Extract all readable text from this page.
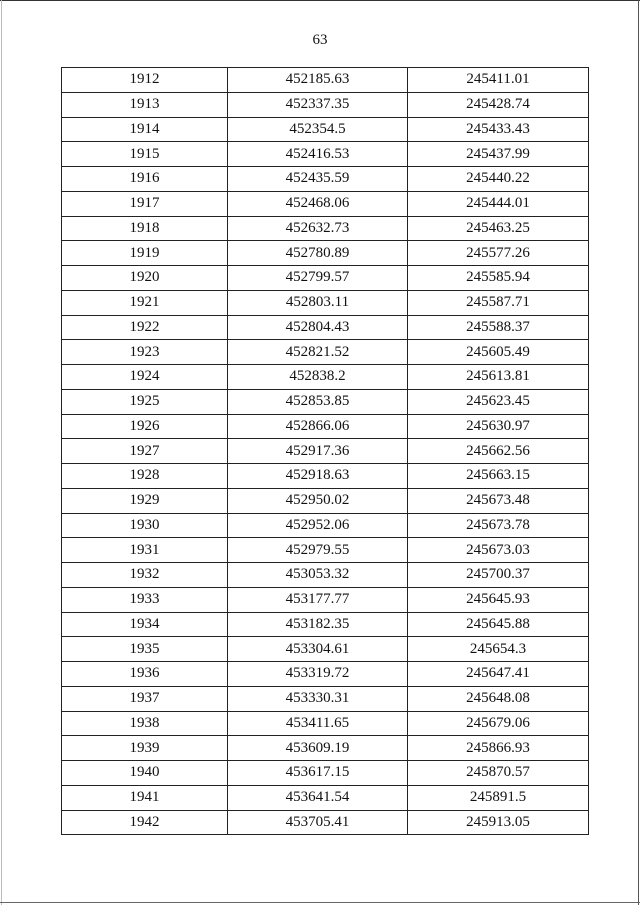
63
1912	452185.63	245411.01
1913	452337.35	245428.74
1914	452354.5	245433.43
1915	452416.53	245437.99
1916	452435.59	245440.22
1917	452468.06	245444.01
1918	452632.73	245463.25
1919	452780.89	245577.26
1920	452799.57	245585.94
1921	452803.11	245587.71
1922	452804.43	245588.37
1923	452821.52	245605.49
1924	452838.2	245613.81
1925	452853.85	245623.45
1926	452866.06	245630.97
1927	452917.36	245662.56
1928	452918.63	245663.15
1929	452950.02	245673.48
1930	452952.06	245673.78
1931	452979.55	245673.03
1932	453053.32	245700.37
1933	453177.77	245645.93
1934	453182.35	245645.88
1935	453304.61	245654.3
1936	453319.72	245647.41
1937	453330.31	245648.08
1938	453411.65	245679.06
1939	453609.19	245866.93
1940	453617.15	245870.57
1941	453641.54	245891.5
1942	453705.41	245913.05
